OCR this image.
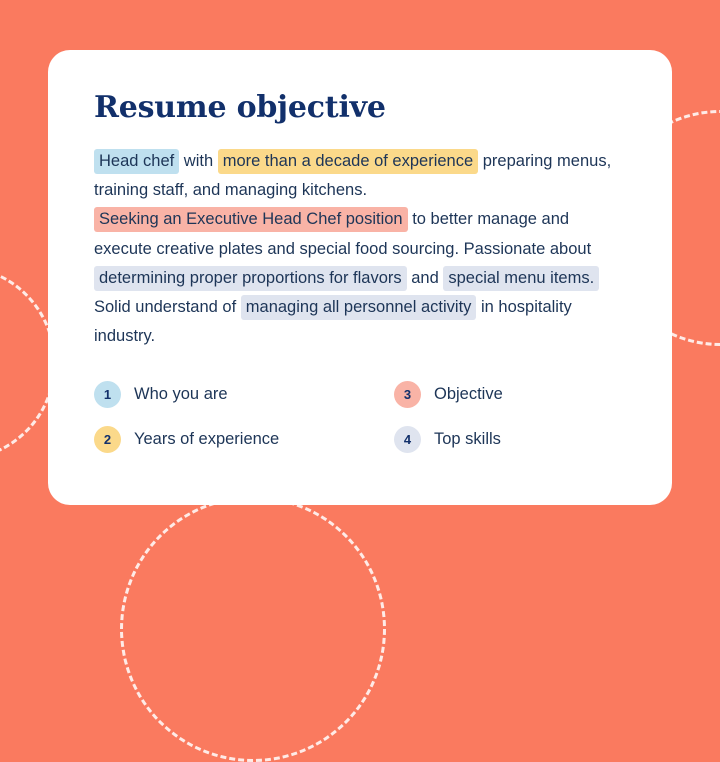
Resume objective
Head chef with more than a decade of experience preparing menus, training staff, and managing kitchens. Seeking an Executive Head Chef position to better manage and execute creative plates and special food sourcing. Passionate about determining proper proportions for flavors and special menu items. Solid understand of managing all personnel activity in hospitality industry.
1	Who you are	3	Objective
2	Years of experience	4	Top skills
